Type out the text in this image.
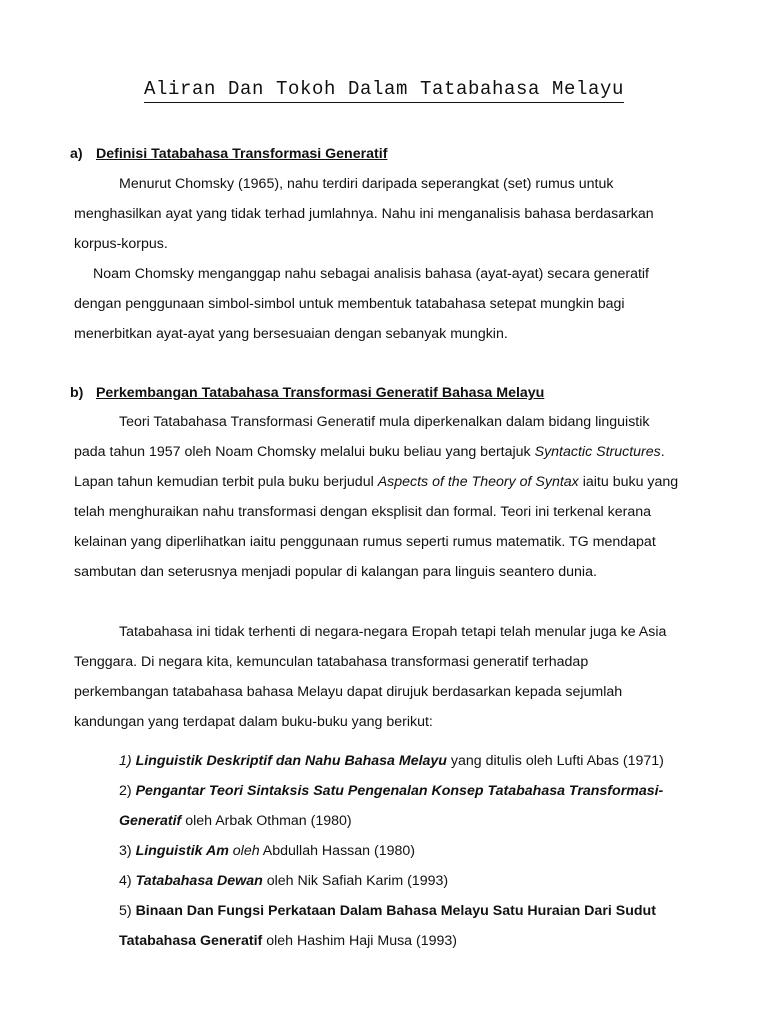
Aliran Dan Tokoh Dalam Tatabahasa Melayu
a) Definisi Tatabahasa Transformasi Generatif
Menurut Chomsky (1965), nahu terdiri daripada seperangkat (set) rumus untuk
menghasilkan ayat yang tidak terhad jumlahnya. Nahu ini menganalisis bahasa berdasarkan
korpus-korpus.
Noam Chomsky menganggap nahu sebagai analisis bahasa (ayat-ayat) secara generatif
dengan penggunaan simbol-simbol untuk membentuk tatabahasa setepat mungkin bagi
menerbitkan ayat-ayat yang bersesuaian dengan sebanyak mungkin.
b) Perkembangan Tatabahasa Transformasi Generatif Bahasa Melayu
Teori Tatabahasa Transformasi Generatif mula diperkenalkan dalam bidang linguistik
pada tahun 1957 oleh Noam Chomsky melalui buku beliau yang bertajuk Syntactic Structures.
Lapan tahun kemudian terbit pula buku berjudul Aspects of the Theory of Syntax iaitu buku yang
telah menghuraikan nahu transformasi dengan eksplisit dan formal. Teori ini terkenal kerana
kelainan yang diperlihatkan iaitu penggunaan rumus seperti rumus matematik. TG mendapat
sambutan dan seterusnya menjadi popular di kalangan para linguis seantero dunia.
Tatabahasa ini tidak terhenti di negara-negara Eropah tetapi telah menular juga ke Asia
Tenggara. Di negara kita, kemunculan tatabahasa transformasi generatif terhadap
perkembangan tatabahasa bahasa Melayu dapat dirujuk berdasarkan kepada sejumlah
kandungan yang terdapat dalam buku-buku yang berikut:
1) Linguistik Deskriptif dan Nahu Bahasa Melayu yang ditulis oleh Lufti Abas (1971)
2) Pengantar Teori Sintaksis Satu Pengenalan Konsep Tatabahasa Transformasi-
Generatif oleh Arbak Othman (1980)
3) Linguistik Am oleh Abdullah Hassan (1980)
4) Tatabahasa Dewan oleh Nik Safiah Karim (1993)
5) Binaan Dan Fungsi Perkataan Dalam Bahasa Melayu Satu Huraian Dari Sudut
Tatabahasa Generatif oleh Hashim Haji Musa (1993)
